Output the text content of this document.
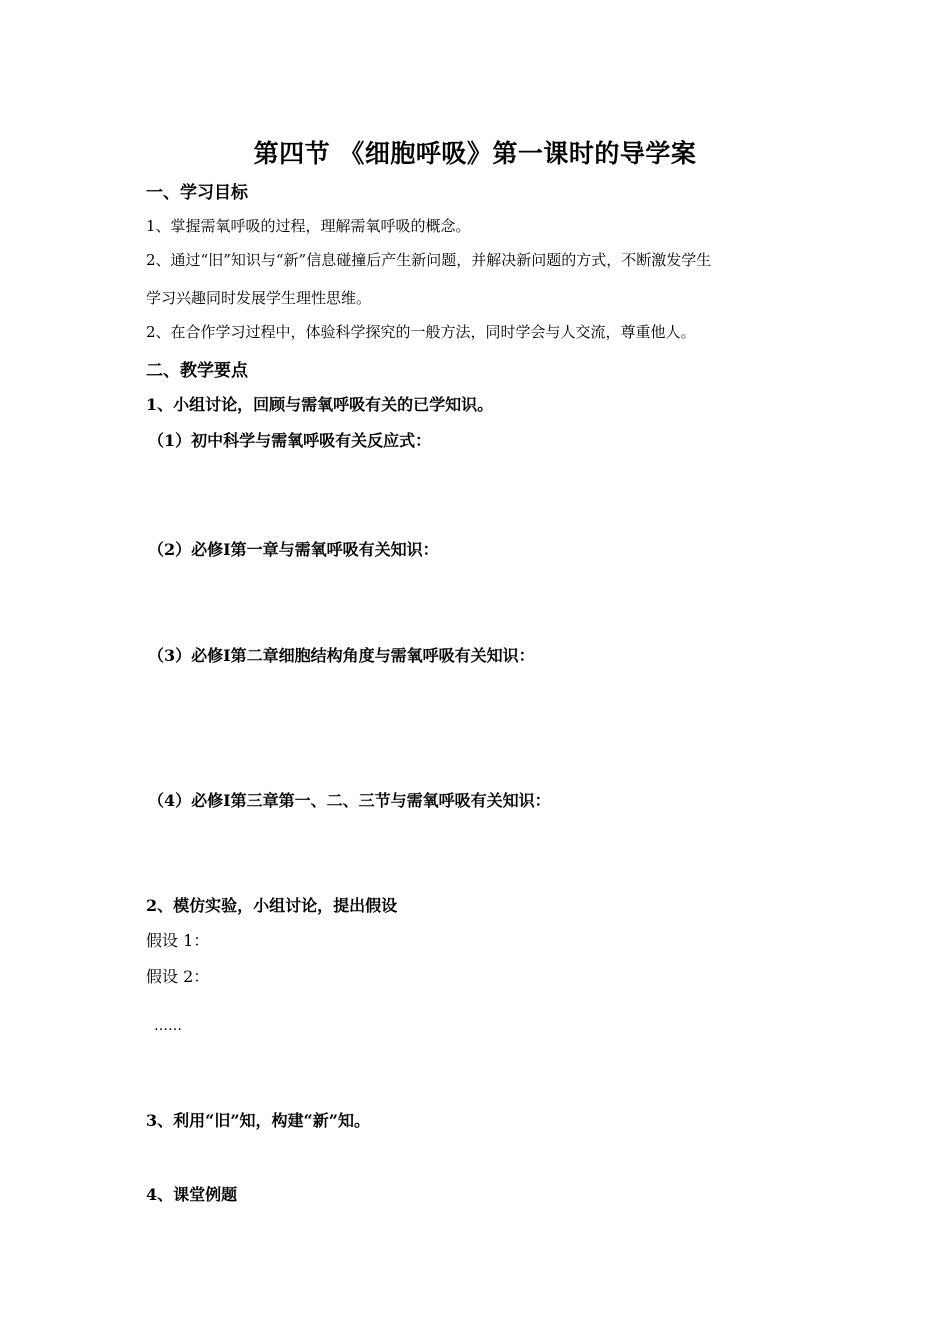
第四节 《细胞呼吸》第一课时的导学案
一、学习目标
1、掌握需氧呼吸的过程，理解需氧呼吸的概念。
2、通过“旧”知识与“新”信息碰撞后产生新问题，并解决新问题的方式，不断激发学生
学习兴趣同时发展学生理性思维。
2、在合作学习过程中，体验科学探究的一般方法，同时学会与人交流，尊重他人。
二、教学要点
1、小组讨论，回顾与需氧呼吸有关的已学知识。
（1）初中科学与需氧呼吸有关反应式：
（2）必修Ⅰ第一章与需氧呼吸有关知识：
（3）必修Ⅰ第二章细胞结构角度与需氧呼吸有关知识：
（4）必修Ⅰ第三章第一、二、三节与需氧呼吸有关知识：
2、模仿实验，小组讨论，提出假设
假设 1：
假设 2：
……
3、利用“旧”知，构建“新”知。
4、课堂例题
